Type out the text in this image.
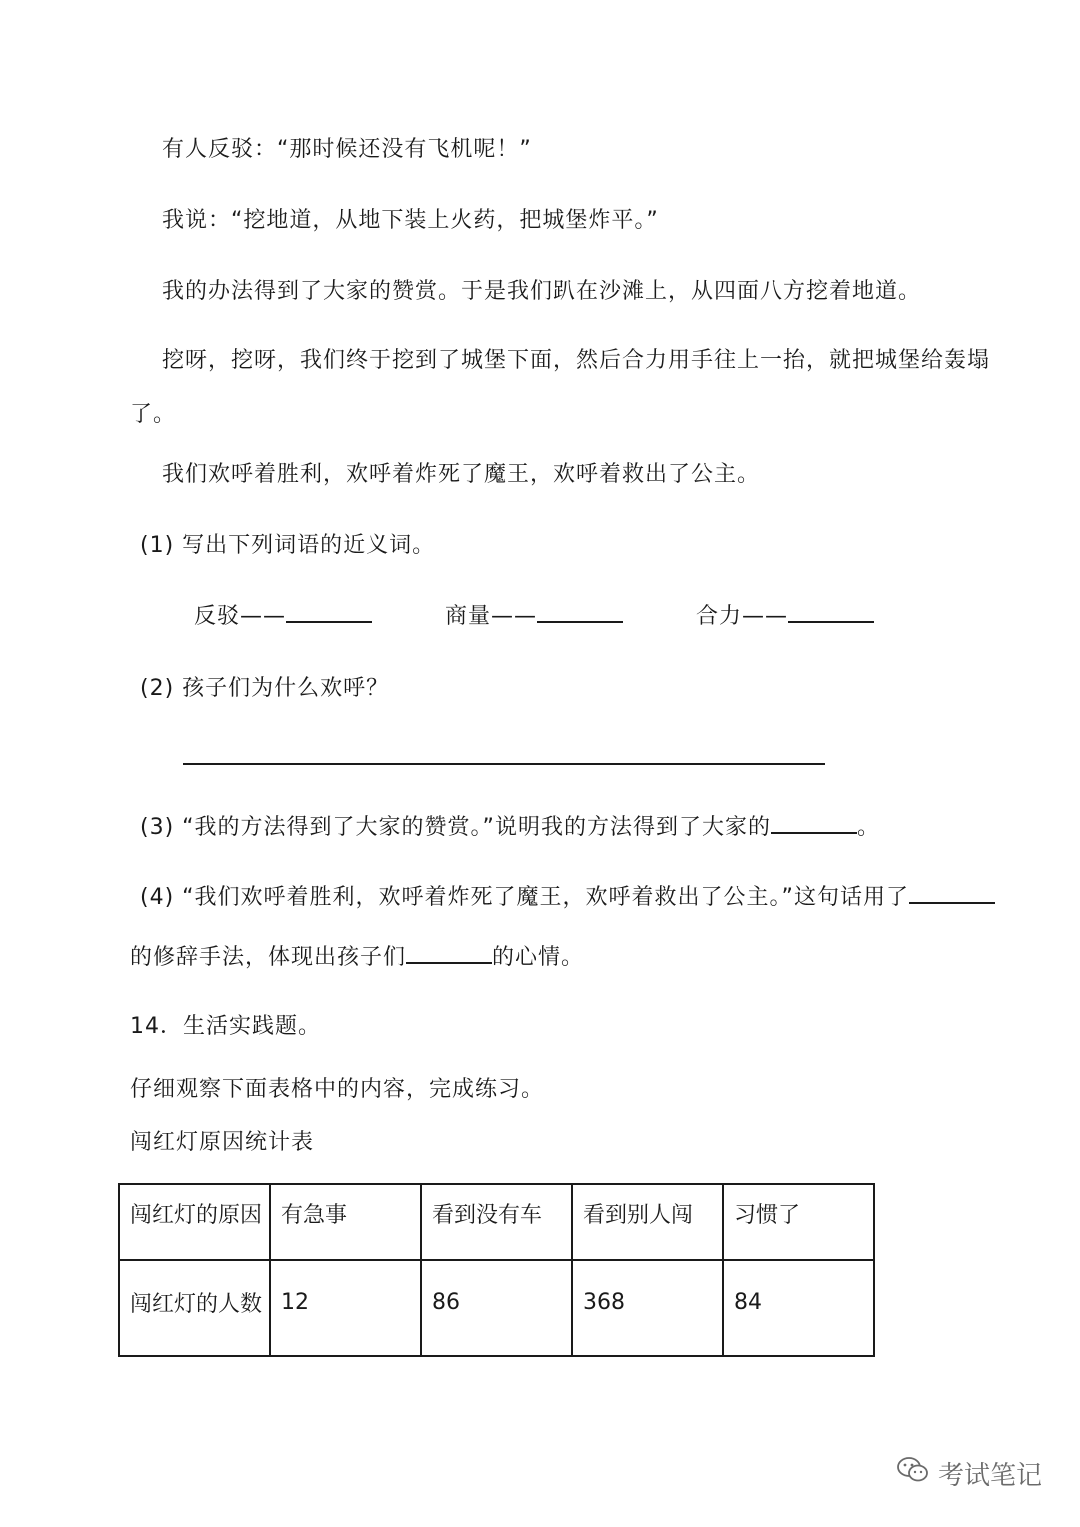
有人反驳：“那时候还没有飞机呢！”
我说：“挖地道，从地下装上火药，把城堡炸平。”
我的办法得到了大家的赞赏。于是我们趴在沙滩上，从四面八方挖着地道。
挖呀，挖呀，我们终于挖到了城堡下面，然后合力用手往上一抬，就把城堡给轰塌
了。
我们欢呼着胜利，欢呼着炸死了魔王，欢呼着救出了公主。
(1) 写出下列词语的近义词。
反驳——	商量——	合力——
(2) 孩子们为什么欢呼？
(3) “我的方法得到了大家的赞赏。”说明我的方法得到了大家的	。
(4) “我们欢呼着胜利，欢呼着炸死了魔王，欢呼着救出了公主。”这句话用了
的修辞手法，体现出孩子们	的心情。
14．生活实践题。
仔细观察下面表格中的内容，完成练习。
闯红灯原因统计表
闯红灯的原因	有急事	看到没有车	看到别人闯	习惯了
闯红灯的人数	12	86	368	84
考试笔记
